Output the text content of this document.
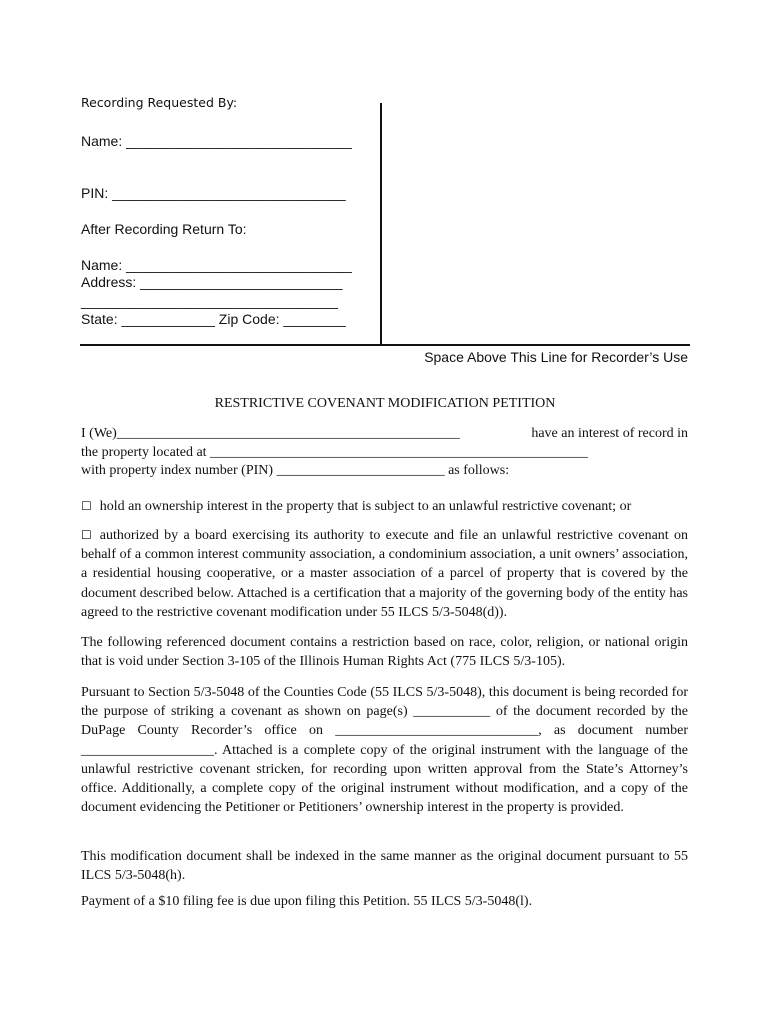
Recording Requested By:
Name: _____________________________
PIN: ______________________________
After Recording Return To:
Name: _____________________________
Address: __________________________
_________________________________
State: ____________ Zip Code: ________
Space Above This Line for Recorder’s Use
RESTRICTIVE COVENANT MODIFICATION PETITION
I (We)_________________________________________________	have an interest of record in
the property located at ______________________________________________________
with property index number (PIN) ________________________ as follows:
☐ hold an ownership interest in the property that is subject to an unlawful restrictive covenant; or

☐ authorized by a board exercising its authority to execute and file an unlawful restrictive covenant on behalf of a common interest community association, a condominium association, a unit owners’ association, a residential housing cooperative, or a master association of a parcel of property that is covered by the document described below. Attached is a certification that a majority of the governing body of the entity has agreed to the restrictive covenant modification under 55 ILCS 5/3-5048(d)).

The following referenced document contains a restriction based on race, color, religion, or national origin that is void under Section 3-105 of the Illinois Human Rights Act (775 ILCS 5/3-105).

Pursuant to Section 5/3-5048 of the Counties Code (55 ILCS 5/3-5048), this document is being recorded for the purpose of striking a covenant as shown on page(s) ___________ of the document recorded by the DuPage County Recorder’s office on _____________________________, as document number ___________________. Attached is a complete copy of the original instrument with the language of the unlawful restrictive covenant stricken, for recording upon written approval from the State’s Attorney’s office. Additionally, a complete copy of the original instrument without modification, and a copy of the document evidencing the Petitioner or Petitioners’ ownership interest in the property is provided.

This modification document shall be indexed in the same manner as the original document pursuant to 55 ILCS 5/3-5048(h).

Payment of a $10 filing fee is due upon filing this Petition. 55 ILCS 5/3-5048(l).
